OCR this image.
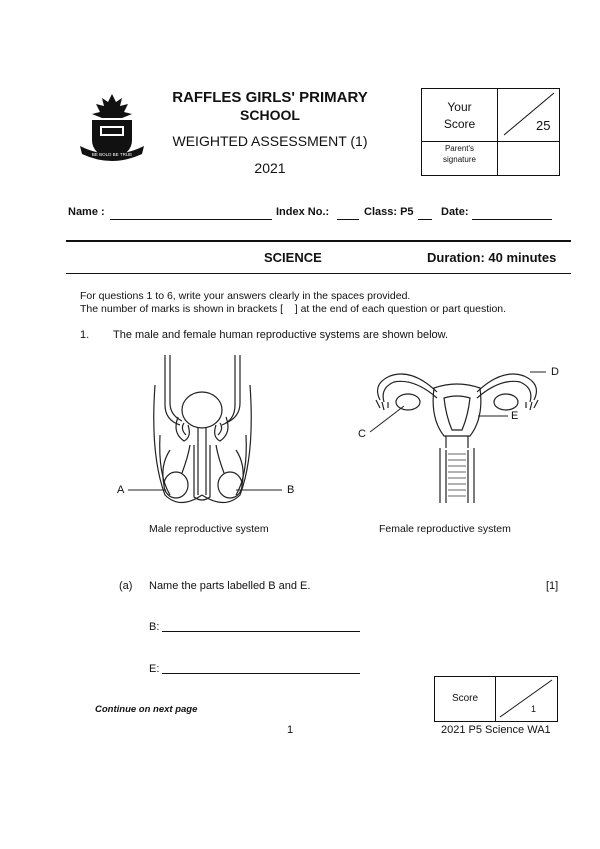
BE BOLD BE TRUE
RAFFLES GIRLS' PRIMARY
SCHOOL
WEIGHTED ASSESSMENT (1)
2021
Your
Score	25
Parent's
signature
Name :	Index No.:	Class: P5 Date:
SCIENCE	Duration: 40 minutes
For questions 1 to 6, write your answers clearly in the spaces provided.
The number of marks is shown in brackets [    ] at the end of each question or part question.
1. The male and female human reproductive systems are shown below.
A	B
Male reproductive system
C
D
E
Female reproductive system
(a) Name the parts labelled B and E.	[1]
B:
E:
Continue on next page
1
Score
1
2021 P5 Science WA1
